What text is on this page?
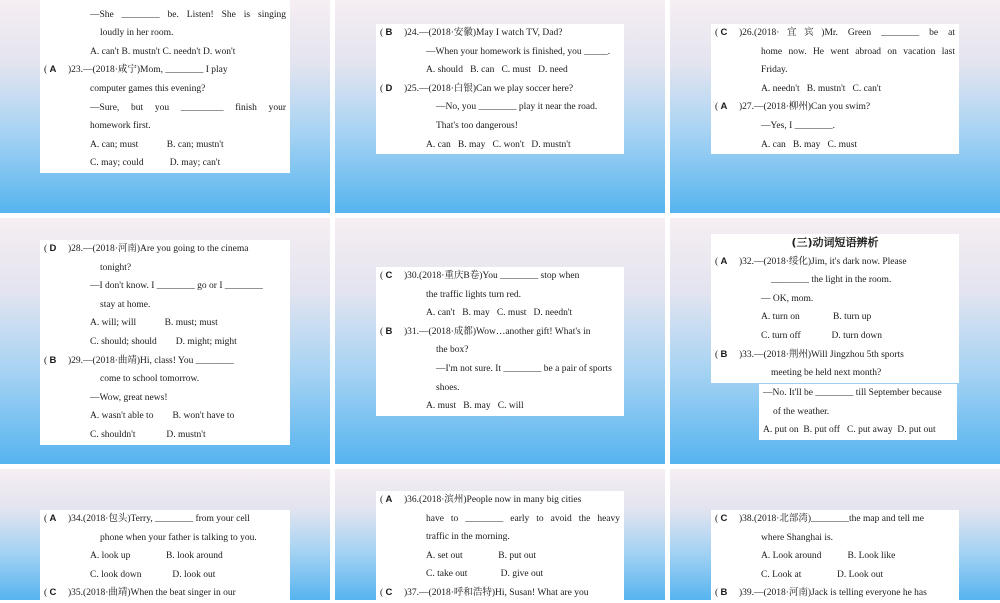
—She ________ be. Listen! She is singing
loudly in her room.
A. can't B. mustn't C. needn't D. won't
( A )23.—(2018·咸宁)Mom, ________ I play
computer games this evening?
—Sure, but you _________ finish your
homework first.
A. can; must            B. can; mustn't
C. may; could           D. may; can't
( B )24.—(2018·安徽)May I watch TV, Dad?
—When your homework is finished, you _____.
A. should   B. can   C. must   D. need
( D )25.—(2018·白银)Can we play soccer here?
—No, you ________ play it near the road.
That's too dangerous!
A. can   B. may   C. won't   D. mustn't
( C )26.(2018·宜宾)Mr. Green ________ be at
home now. He went abroad on vacation last
Friday.
A. needn't   B. mustn't   C. can't
( A )27.—(2018·柳州)Can you swim?
—Yes, I ________.
A. can   B. may   C. must
( D )28.—(2018·河南)Are you going to the cinema
tonight?
—I don't know. I ________ go or I ________
stay at home.
A. will; will            B. must; must
C. should; should        D. might; might
( B )29.—(2018·曲靖)Hi, class! You ________
come to school tomorrow.
—Wow, great news!
A. wasn't able to        B. won't have to
C. shouldn't             D. mustn't
( C )30.(2018·重庆B卷)You ________ stop when
the traffic lights turn red.
A. can't   B. may   C. must   D. needn't
( B )31.—(2018·成都)Wow…another gift! What's in
the box?
—I'm not sure. It ________ be a pair of sports
shoes.
A. must   B. may   C. will
(三)动词短语辨析
( A )32.—(2018·绥化)Jim, it's dark now. Please
________ the light in the room.
— OK, mom.
A. turn on              B. turn up
C. turn off             D. turn down
( B )33.—(2018·荆州)Will Jingzhou 5th sports
meeting be held next month?
—No. It'll be ________ till September because
of the weather.
A. put on  B. put off   C. put away  D. put out
( A )34.(2018·包头)Terry, ________ from your cell
phone when your father is talking to you.
A. look up               B. look around
C. look down             D. look out
( C )35.(2018·曲靖)When the beat singer in our
( A )36.(2018·滨州)People now in many big cities
have to ________ early to avoid the heavy
traffic in the morning.
A. set out               B. put out
C. take out              D. give out
( C )37.—(2018·呼和浩特)Hi, Susan! What are you
( C )38.(2018·北部湾)________the map and tell me
where Shanghai is.
A. Look around           B. Look like
C. Look at               D. Look out
( B )39.—(2018·河南)Jack is telling everyone he has
